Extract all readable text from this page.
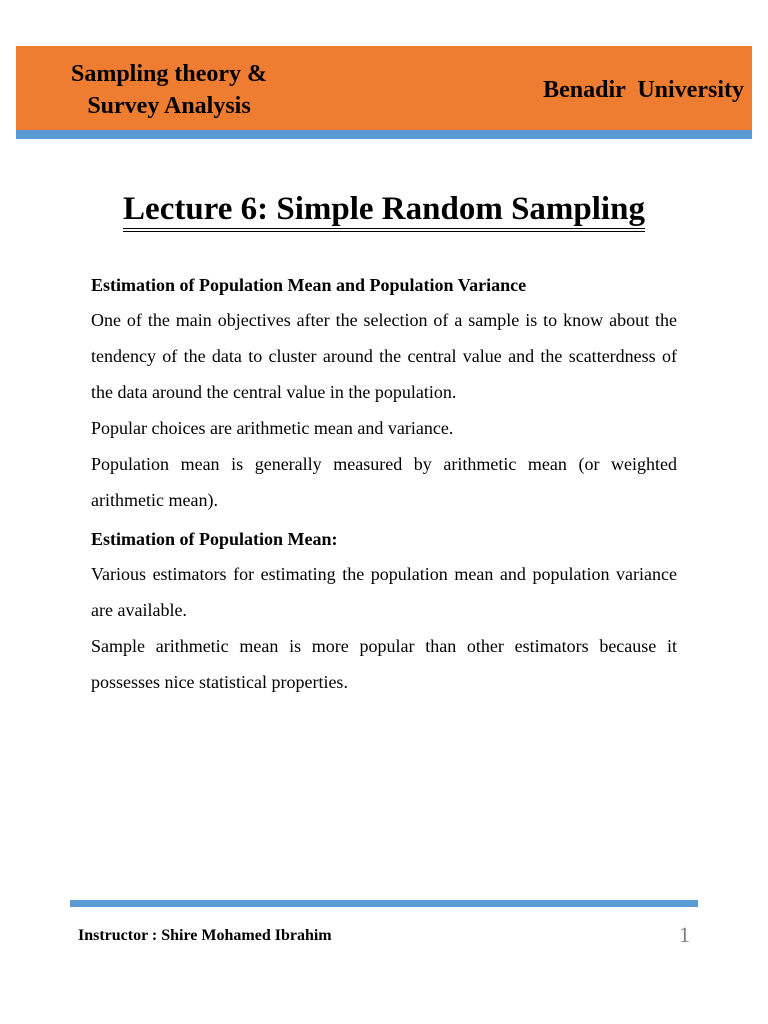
Sampling theory &
Survey Analysis
Benadir  University
Lecture 6: Simple Random Sampling

Estimation of Population Mean and Population Variance

One of the main objectives after the selection of a sample is to know about the tendency of the data to cluster around the central value and the scatterdness of the data around the central value in the population.

Popular choices are arithmetic mean and variance.

Population mean is generally measured by arithmetic mean (or weighted arithmetic mean).

Estimation of Population Mean:

Various estimators for estimating the population mean and population variance are available.

Sample arithmetic mean is more popular than other estimators because it possesses nice statistical properties.

Instructor : Shire Mohamed Ibrahim	1
